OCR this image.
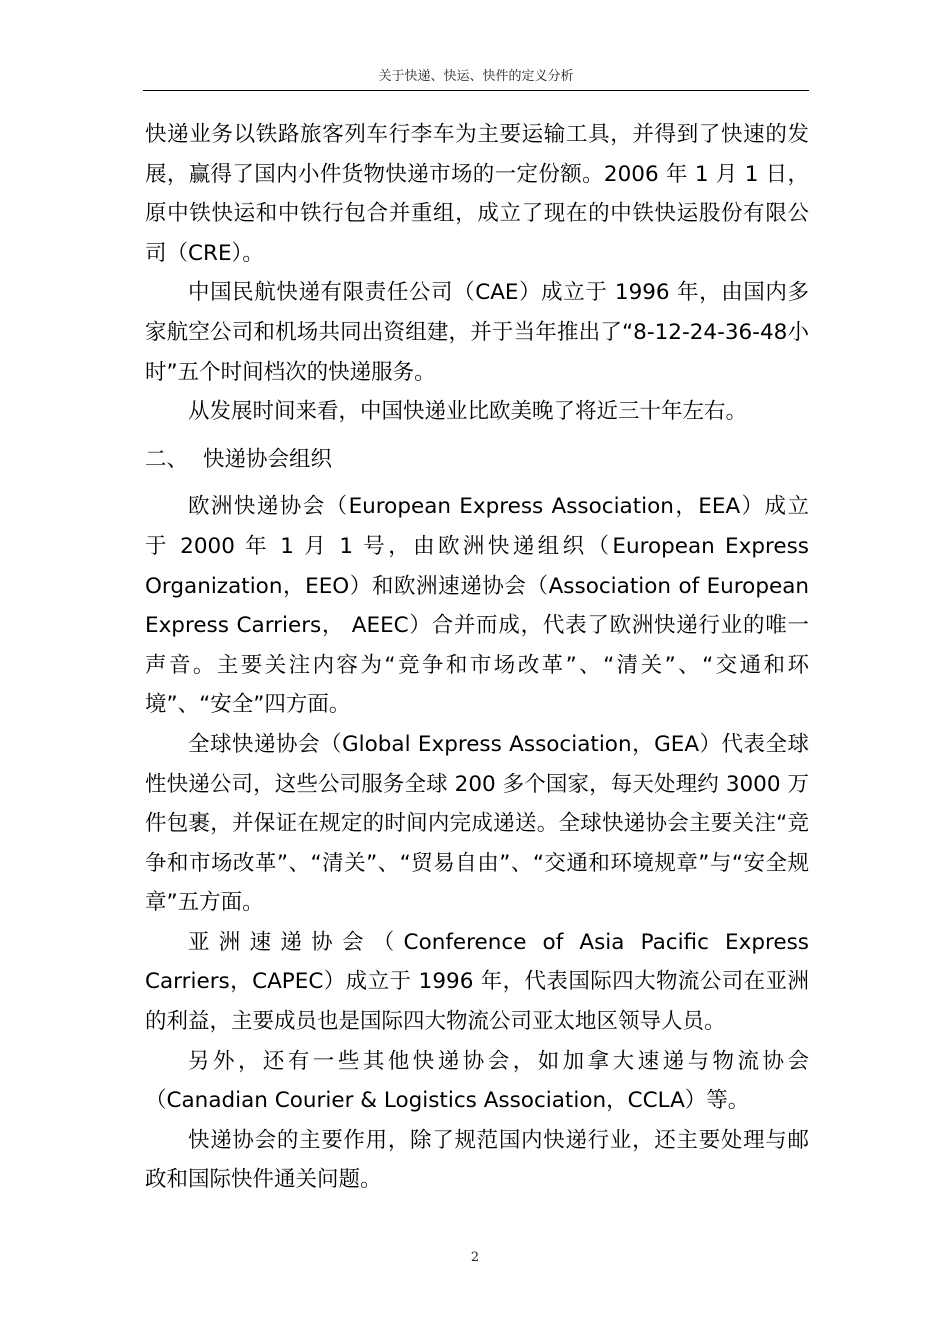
关于快递、快运、快件的定义分析

快递业务以铁路旅客列车行李车为主要运输工具，并得到了快速的发展，赢得了国内小件货物快递市场的一定份额。2006 年 1 月 1 日，原中铁快运和中铁行包合并重组，成立了现在的中铁快运股份有限公司（CRE）。

中国民航快递有限责任公司（CAE）成立于 1996 年，由国内多家航空公司和机场共同出资组建，并于当年推出了“8-12-24-36-48小时”五个时间档次的快递服务。

从发展时间来看，中国快递业比欧美晚了将近三十年左右。

二、 快递协会组织

欧洲快递协会（European Express Association，EEA）成立于 2000 年 1 月 1 号，由欧洲快递组织（European Express Organization，EEO）和欧洲速递协会（Association of European Express Carriers， AEEC）合并而成，代表了欧洲快递行业的唯一声音。主要关注内容为“竞争和市场改革”、“清关”、“交通和环境”、“安全”四方面。

全球快递协会（Global Express Association，GEA）代表全球性快递公司，这些公司服务全球 200 多个国家，每天处理约 3000 万件包裹，并保证在规定的时间内完成递送。全球快递协会主要关注“竞争和市场改革”、“清关”、“贸易自由”、“交通和环境规章”与“安全规章”五方面。

亚洲速递协会（Conference of Asia Pacific Express Carriers，CAPEC）成立于 1996 年，代表国际四大物流公司在亚洲的利益，主要成员也是国际四大物流公司亚太地区领导人员。

另外，还有一些其他快递协会，如加拿大速递与物流协会（Canadian Courier & Logistics Association，CCLA）等。

快递协会的主要作用，除了规范国内快递行业，还主要处理与邮政和国际快件通关问题。

2
